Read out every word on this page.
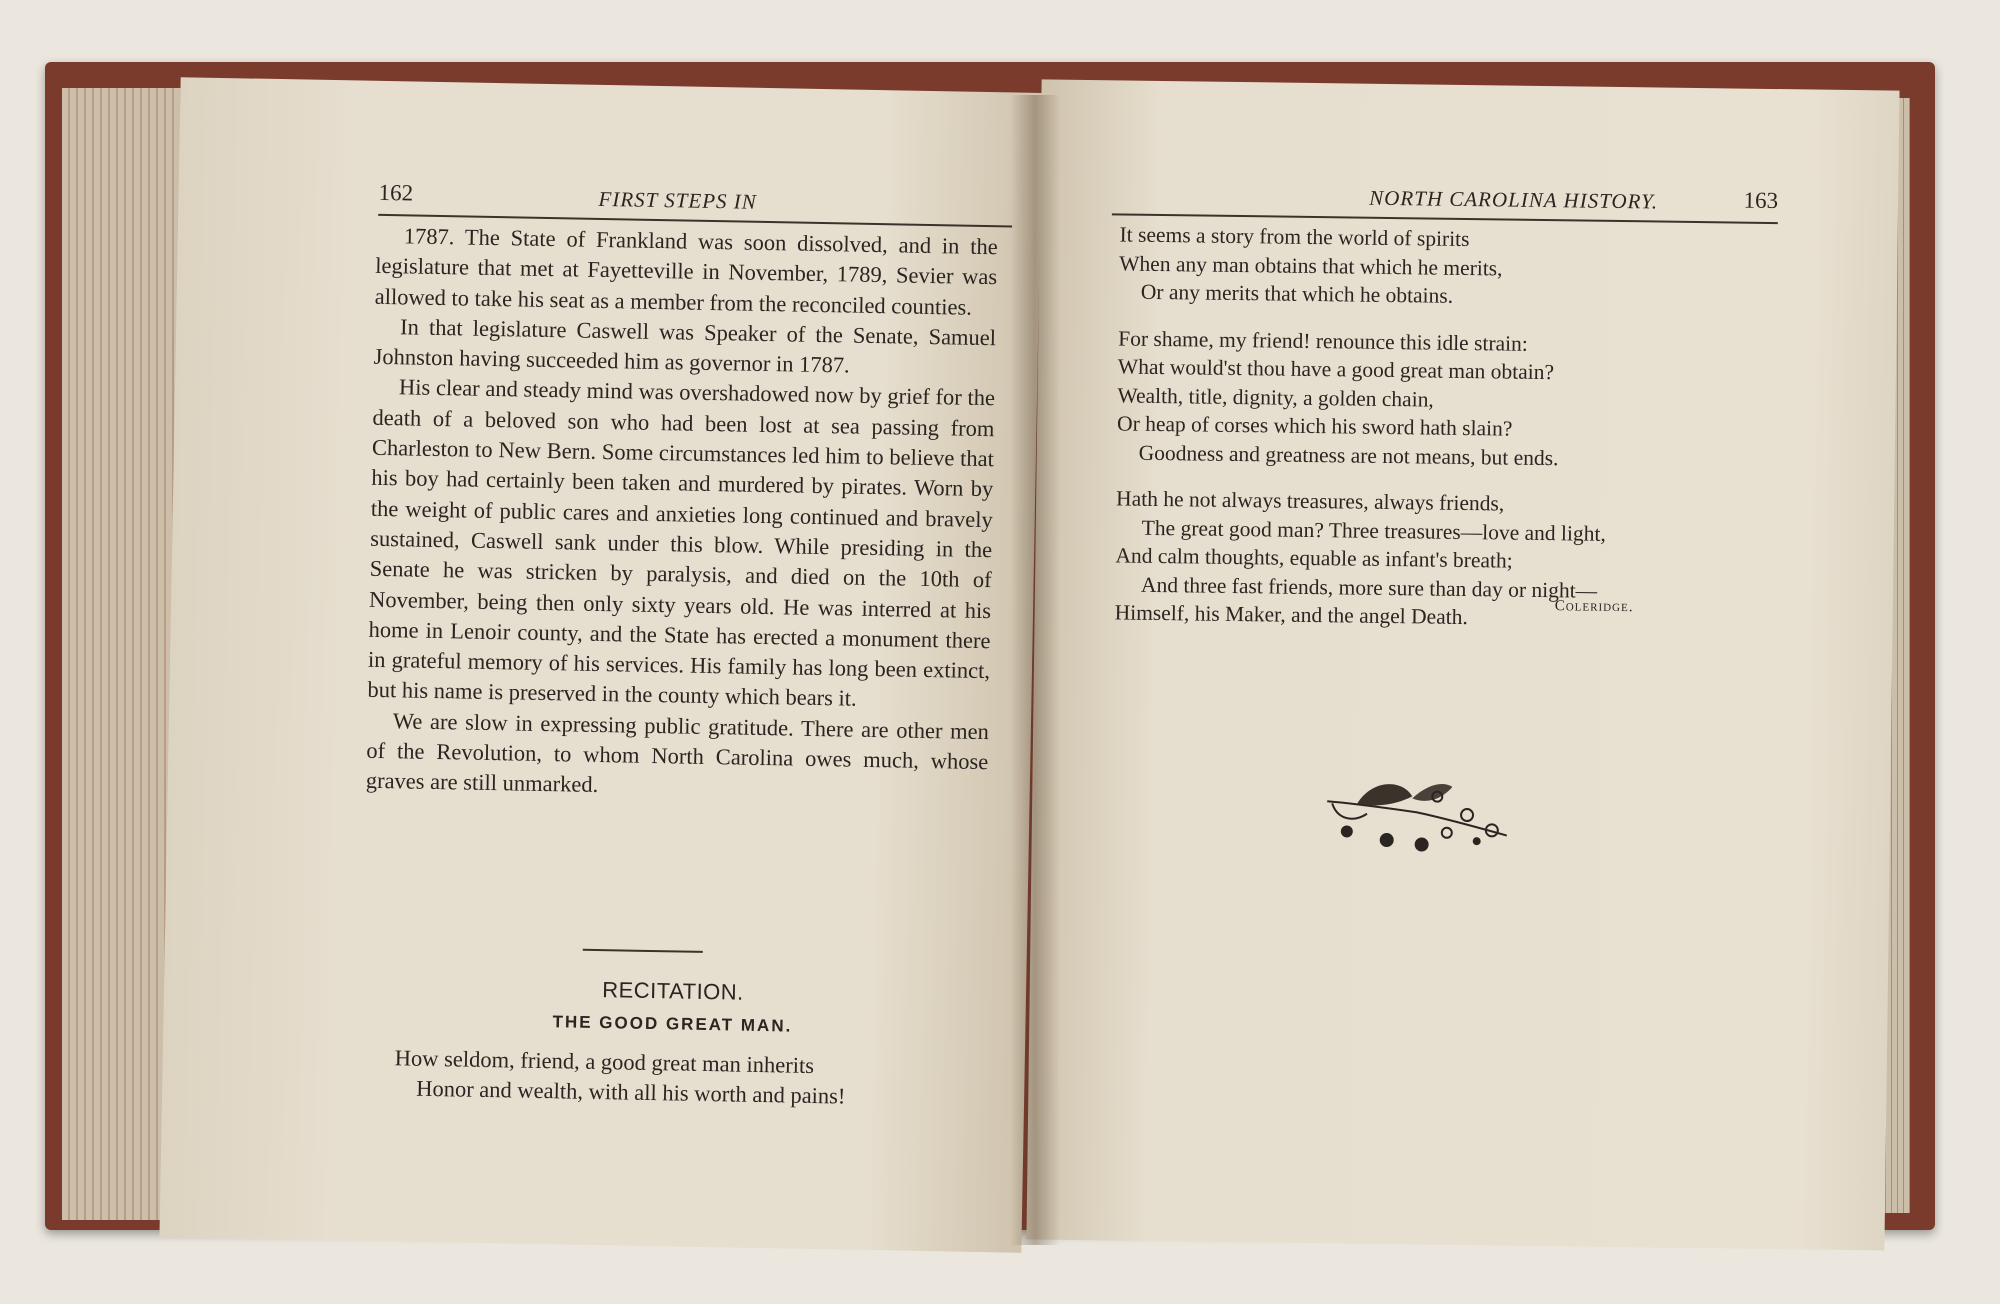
162	FIRST STEPS IN

1787. The State of Frankland was soon dissolved, and in the legislature that met at Fayetteville in November, 1789, Sevier was allowed to take his seat as a member from the reconciled counties.

In that legislature Caswell was Speaker of the Senate, Samuel Johnston having succeeded him as governor in 1787.

His clear and steady mind was overshadowed now by grief for the death of a beloved son who had been lost at sea passing from Charleston to New Bern. Some circumstances led him to believe that his boy had certainly been taken and murdered by pirates. Worn by the weight of public cares and anxieties long continued and bravely sustained, Caswell sank under this blow. While presiding in the Senate he was stricken by paralysis, and died on the 10th of November, being then only sixty years old. He was interred at his home in Lenoir county, and the State has erected a monument there in grateful memory of his services. His family has long been extinct, but his name is preserved in the county which bears it.

We are slow in expressing public gratitude. There are other men of the Revolution, to whom North Carolina owes much, whose graves are still unmarked.

RECITATION.
THE GOOD GREAT MAN.
How seldom, friend, a good great man inherits
Honor and wealth, with all his worth and pains!
NORTH CAROLINA HISTORY.	163
It seems a story from the world of spirits
When any man obtains that which he merits,
Or any merits that which he obtains.
For shame, my friend! renounce this idle strain:
What would'st thou have a good great man obtain?
Wealth, title, dignity, a golden chain,
Or heap of corses which his sword hath slain?
Goodness and greatness are not means, but ends.
Hath he not always treasures, always friends,
The great good man? Three treasures—love and light,
And calm thoughts, equable as infant's breath;
And three fast friends, more sure than day or night—
Himself, his Maker, and the angel Death.	Coleridge.
